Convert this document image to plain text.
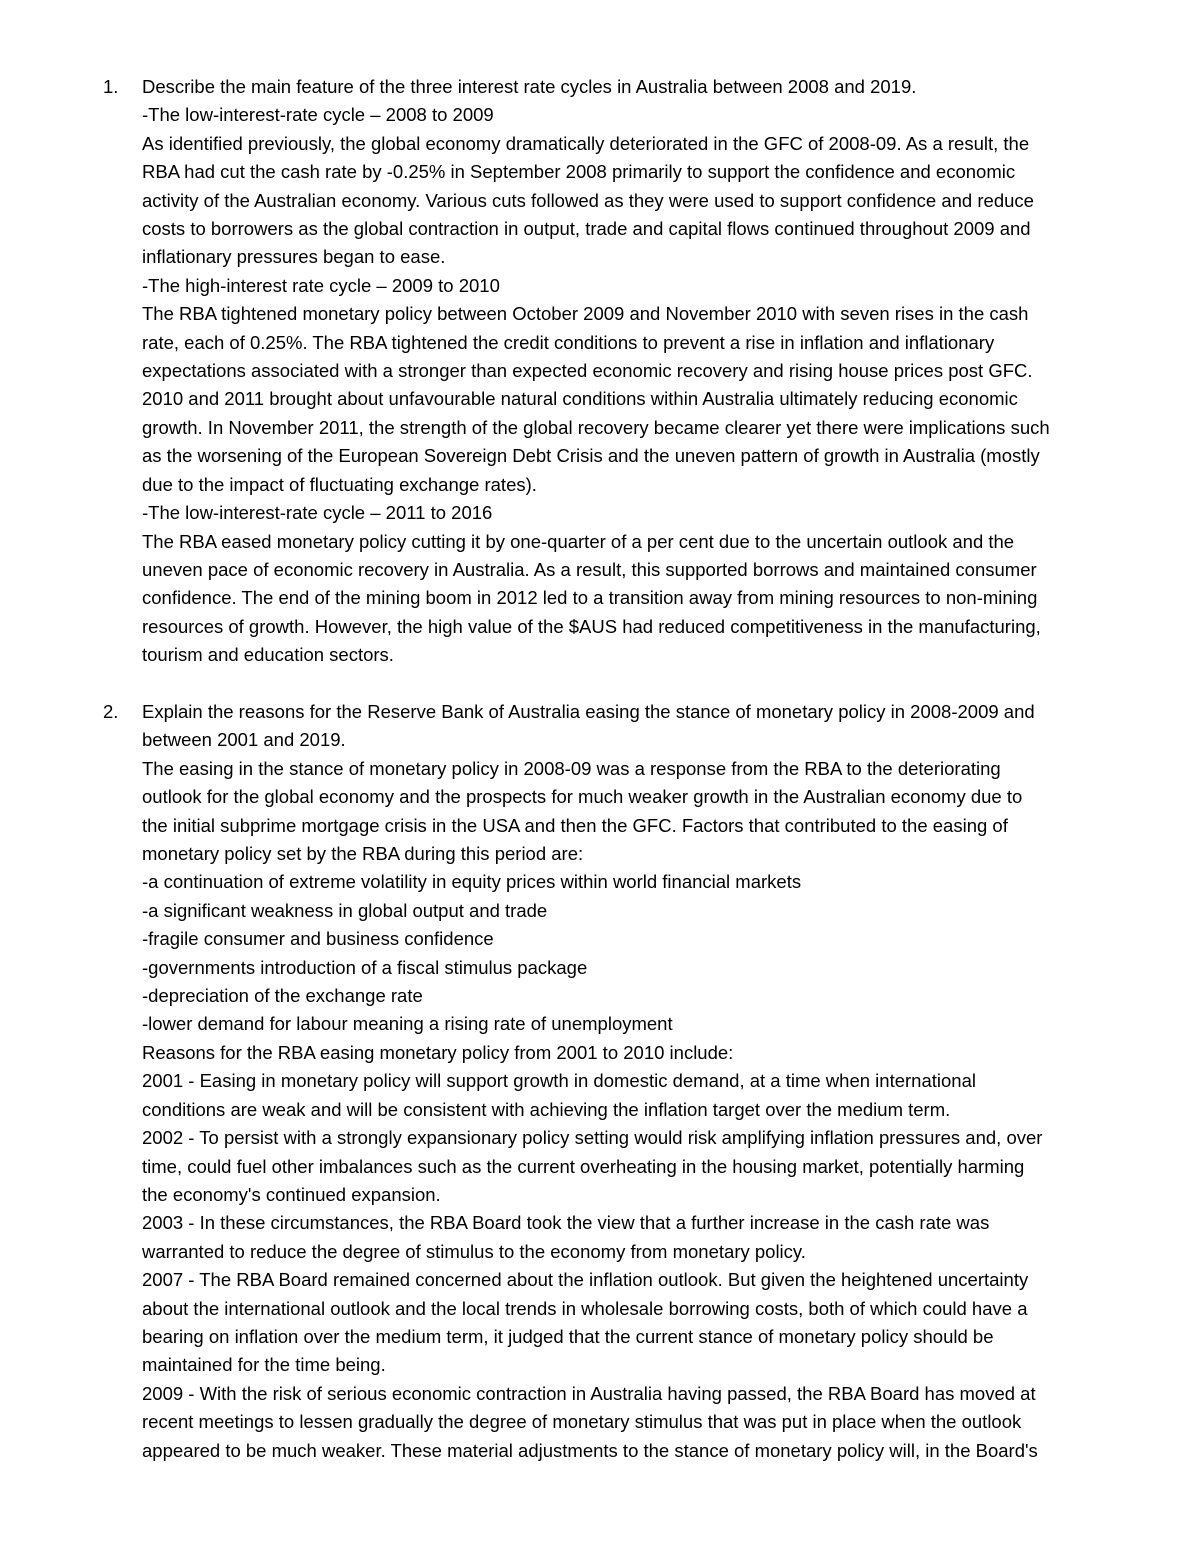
1.	Describe the main feature of the three interest rate cycles in Australia between 2008 and 2019.
-The low-interest-rate cycle – 2008 to 2009
As identified previously, the global economy dramatically deteriorated in the GFC of 2008-09. As a result, the
RBA had cut the cash rate by -0.25% in September 2008 primarily to support the confidence and economic
activity of the Australian economy. Various cuts followed as they were used to support confidence and reduce
costs to borrowers as the global contraction in output, trade and capital flows continued throughout 2009 and
inflationary pressures began to ease.
-The high-interest rate cycle – 2009 to 2010
The RBA tightened monetary policy between October 2009 and November 2010 with seven rises in the cash
rate, each of 0.25%. The RBA tightened the credit conditions to prevent a rise in inflation and inflationary
expectations associated with a stronger than expected economic recovery and rising house prices post GFC.
2010 and 2011 brought about unfavourable natural conditions within Australia ultimately reducing economic
growth. In November 2011, the strength of the global recovery became clearer yet there were implications such
as the worsening of the European Sovereign Debt Crisis and the uneven pattern of growth in Australia (mostly
due to the impact of fluctuating exchange rates).
-The low-interest-rate cycle – 2011 to 2016
The RBA eased monetary policy cutting it by one-quarter of a per cent due to the uncertain outlook and the
uneven pace of economic recovery in Australia. As a result, this supported borrows and maintained consumer
confidence. The end of the mining boom in 2012 led to a transition away from mining resources to non-mining
resources of growth. However, the high value of the $AUS had reduced competitiveness in the manufacturing,
tourism and education sectors.
2.	Explain the reasons for the Reserve Bank of Australia easing the stance of monetary policy in 2008-2009 and
between 2001 and 2019.
The easing in the stance of monetary policy in 2008-09 was a response from the RBA to the deteriorating
outlook for the global economy and the prospects for much weaker growth in the Australian economy due to
the initial subprime mortgage crisis in the USA and then the GFC. Factors that contributed to the easing of
monetary policy set by the RBA during this period are:
-a continuation of extreme volatility in equity prices within world financial markets
-a significant weakness in global output and trade
-fragile consumer and business confidence
-governments introduction of a fiscal stimulus package
-depreciation of the exchange rate
-lower demand for labour meaning a rising rate of unemployment
Reasons for the RBA easing monetary policy from 2001 to 2010 include:
2001 - Easing in monetary policy will support growth in domestic demand, at a time when international
conditions are weak and will be consistent with achieving the inflation target over the medium term.
2002 - To persist with a strongly expansionary policy setting would risk amplifying inflation pressures and, over
time, could fuel other imbalances such as the current overheating in the housing market, potentially harming
the economy's continued expansion.
2003 - In these circumstances, the RBA Board took the view that a further increase in the cash rate was
warranted to reduce the degree of stimulus to the economy from monetary policy.
2007 - The RBA Board remained concerned about the inflation outlook. But given the heightened uncertainty
about the international outlook and the local trends in wholesale borrowing costs, both of which could have a
bearing on inflation over the medium term, it judged that the current stance of monetary policy should be
maintained for the time being.
2009 - With the risk of serious economic contraction in Australia having passed, the RBA Board has moved at
recent meetings to lessen gradually the degree of monetary stimulus that was put in place when the outlook
appeared to be much weaker. These material adjustments to the stance of monetary policy will, in the Board's
